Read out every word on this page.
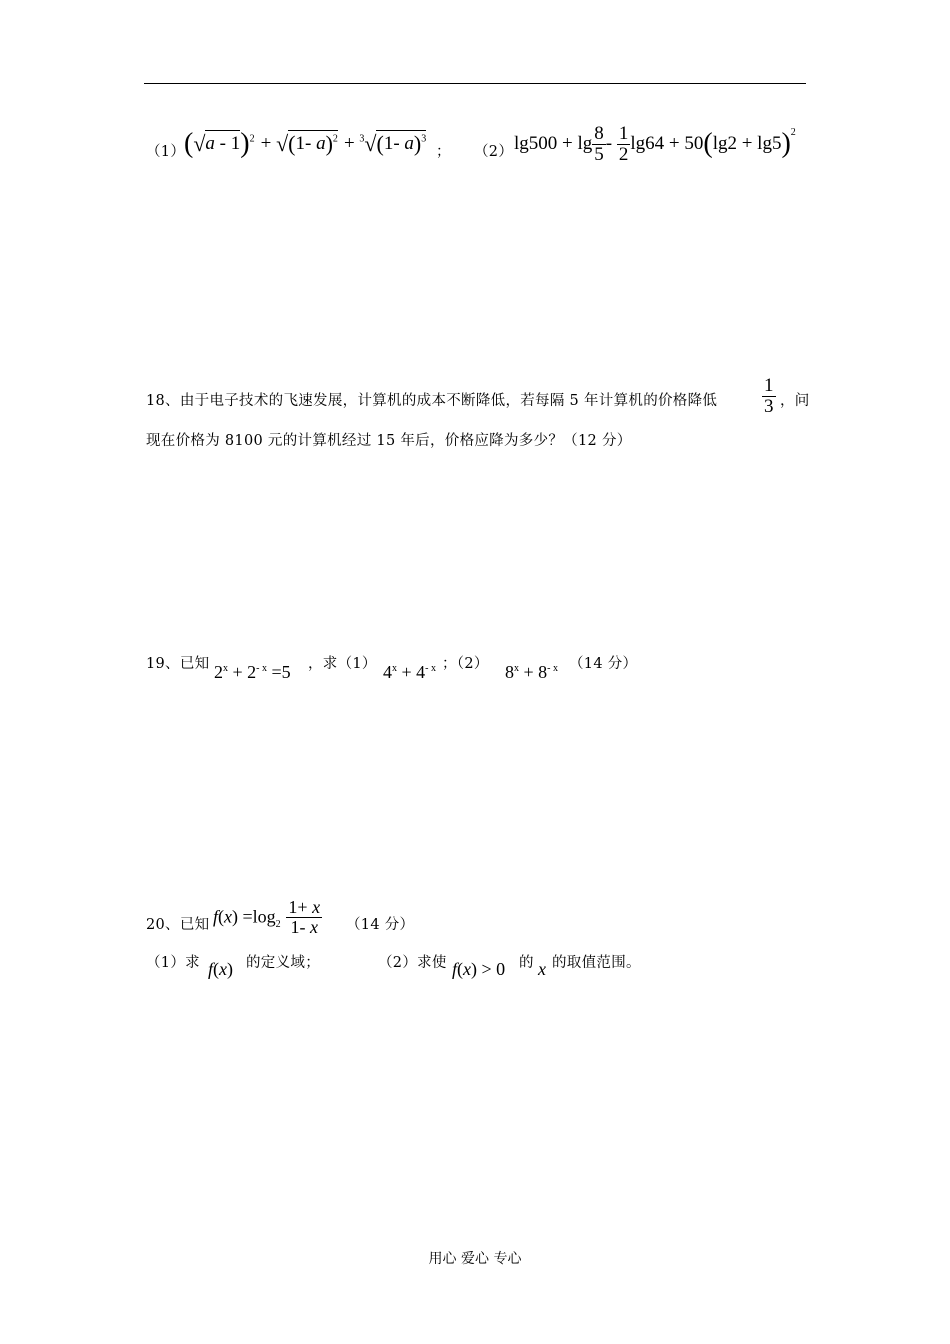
（1）
(√a - 1)$^2$ + √(1- a)$^2$ + $^3$√(1- a)$^3$
； （2） $\lg 500 + \lg \frac{8}{5} - \frac{1}{2} \lg 64 + 50(\lg 2 + \lg 5)^2$
18、由于电子技术的飞速发展，计算机的成本不断降低，若每隔 5 年计算机的价格降低 $\frac{1}{3}$ ，问
现在价格为 8100 元的计算机经过 15 年后，价格应降为多少？（12 分）
19、已知 $2^x + 2^{- x} =5$ ，求（1） $4^x + 4^{- x}$ ；（2） $8^x + 8^{- x}$ （14 分）
20、已知 $f(x) =\log_2 \frac{1+ x}{1- x} (14$ 分）
（1）求 f(x) 的定义域；	（2）求使 f(x) > 0 的 x 的取值范围。
用心 爱心 专心
